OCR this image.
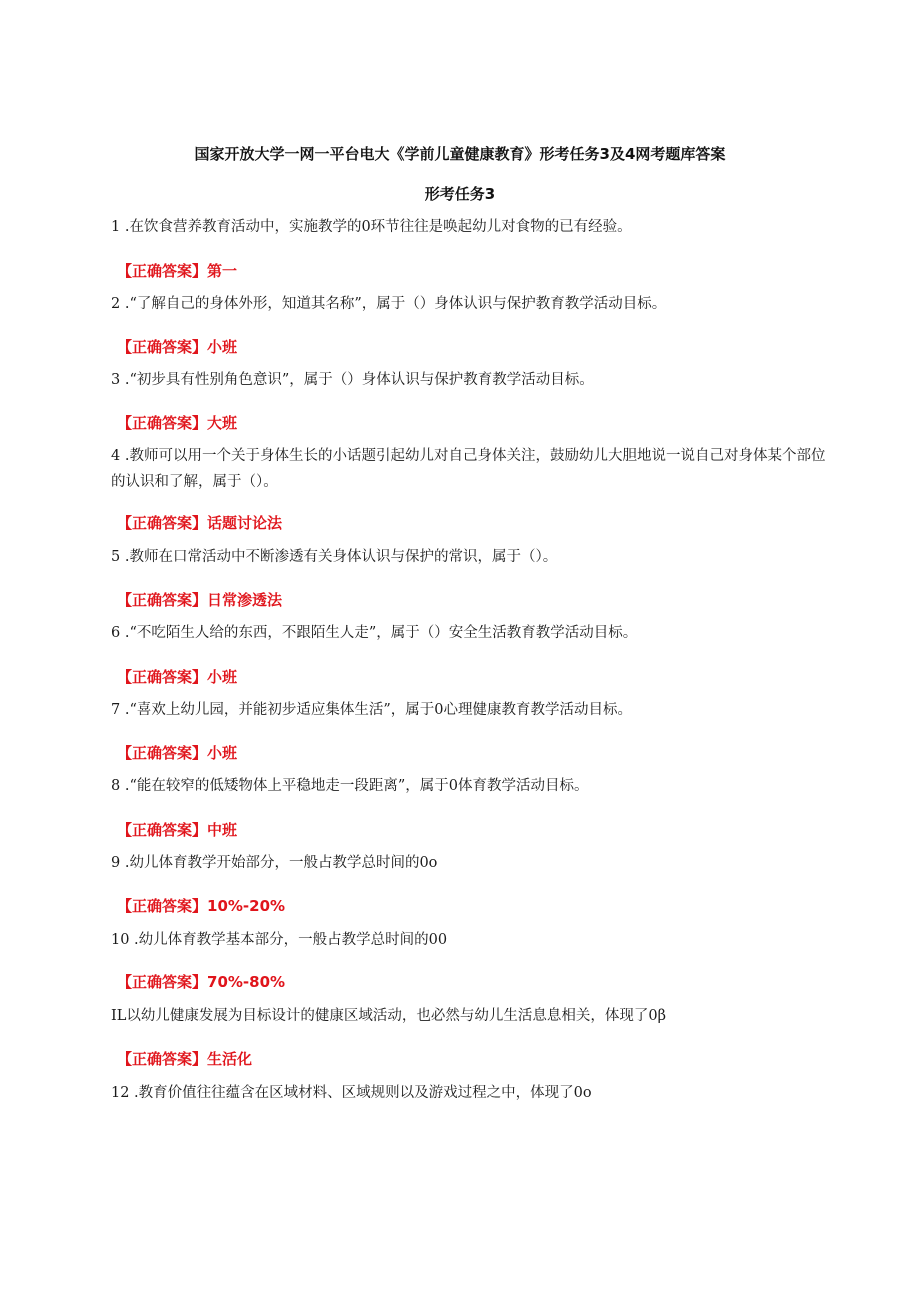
国家开放大学一网一平台电大《学前儿童健康教育》形考任务3及4网考题库答案
形考任务3
1 .在饮食营养教育活动中，实施教学的0环节往往是唤起幼儿对食物的已有经验。
【正确答案】第一
2 .“了解自己的身体外形，知道其名称”，属于（）身体认识与保护教育教学活动目标。
【正确答案】小班
3 .“初步具有性别角色意识”，属于（）身体认识与保护教育教学活动目标。
【正确答案】大班
4 .教师可以用一个关于身体生长的小话题引起幼儿对自己身体关注，鼓励幼儿大胆地说一说自己对身体某个部位的认识和了解，属于（）。
【正确答案】话题讨论法
5 .教师在口常活动中不断渗透有关身体认识与保护的常识，属于（）。
【正确答案】日常渗透法
6 .“不吃陌生人给的东西，不跟陌生人走”，属于（）安全生活教育教学活动目标。
【正确答案】小班
7 .“喜欢上幼儿园，并能初步适应集体生活”，属于0心理健康教育教学活动目标。
【正确答案】小班
8 .“能在较窄的低矮物体上平稳地走一段距离”，属于0体育教学活动目标。
【正确答案】中班
9 .幼儿体育教学开始部分，一般占教学总时间的0o
【正确答案】10%-20%
10 .幼儿体育教学基本部分，一般占教学总时间的00
【正确答案】70%-80%
IL以幼儿健康发展为目标设计的健康区域活动，也必然与幼儿生活息息相关，体现了0β
【正确答案】生活化
12 .教育价值往往蕴含在区域材料、区域规则以及游戏过程之中，体现了0o
